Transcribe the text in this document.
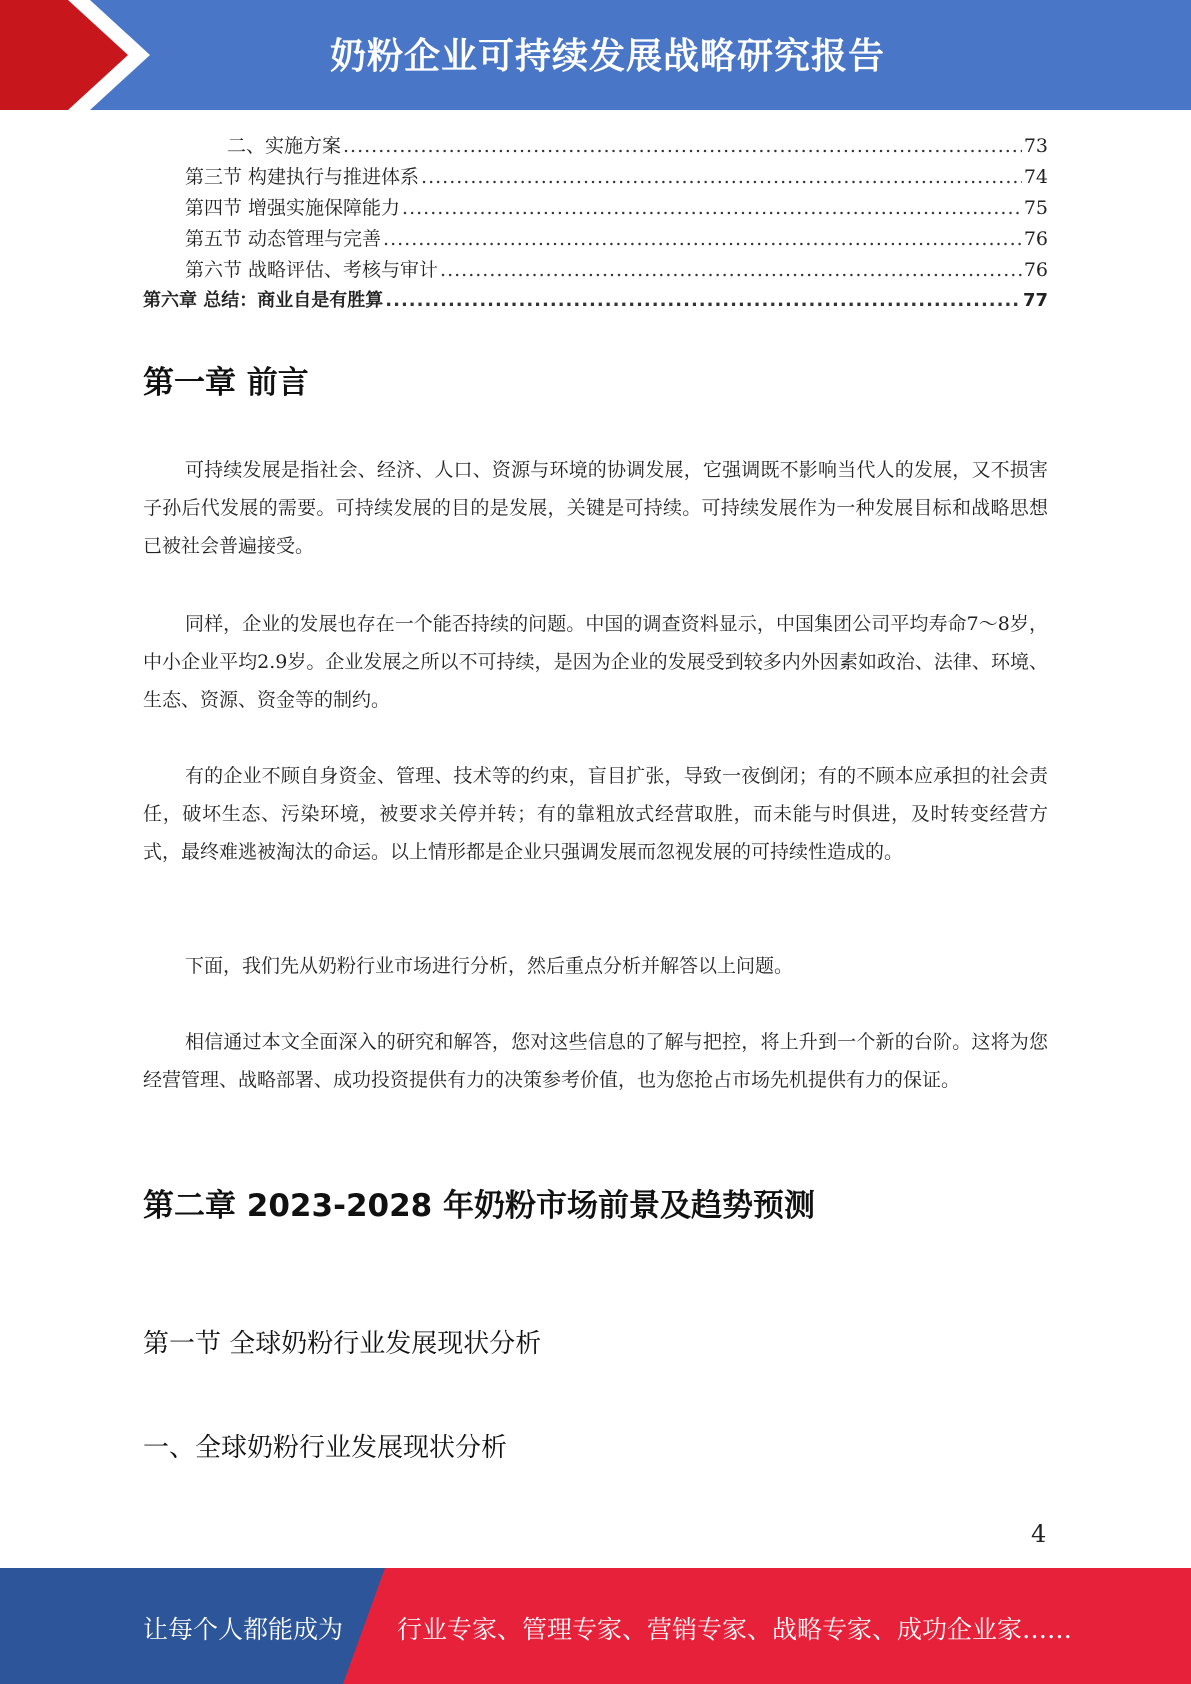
奶粉企业可持续发展战略研究报告
二、实施方案 .....	73
第三节 构建执行与推进体系 .....	74
第四节 增强实施保障能力 .....	75
第五节 动态管理与完善 .....	76
第六节 战略评估、考核与审计 .....	76
第六章 总结：商业自是有胜算 .....	77
第一章 前言

可持续发展是指社会、经济、人口、资源与环境的协调发展，它强调既不影响当代人的发展，又不损害子孙后代发展的需要。可持续发展的目的是发展，关键是可持续。可持续发展作为一种发展目标和战略思想已被社会普遍接受。

同样，企业的发展也存在一个能否持续的问题。中国的调查资料显示，中国集团公司平均寿命7～8岁，中小企业平均2.9岁。企业发展之所以不可持续，是因为企业的发展受到较多内外因素如政治、法律、环境、生态、资源、资金等的制约。

有的企业不顾自身资金、管理、技术等的约束，盲目扩张，导致一夜倒闭；有的不顾本应承担的社会责任，破坏生态、污染环境，被要求关停并转；有的靠粗放式经营取胜，而未能与时俱进，及时转变经营方式，最终难逃被淘汰的命运。以上情形都是企业只强调发展而忽视发展的可持续性造成的。

下面，我们先从奶粉行业市场进行分析，然后重点分析并解答以上问题。

相信通过本文全面深入的研究和解答，您对这些信息的了解与把控，将上升到一个新的台阶。这将为您经营管理、战略部署、成功投资提供有力的决策参考价值，也为您抢占市场先机提供有力的保证。

第二章 2023-2028 年奶粉市场前景及趋势预测
第一节 全球奶粉行业发展现状分析
一、全球奶粉行业发展现状分析
4
让每个人都能成为 行业专家、管理专家、营销专家、战略专家、成功企业家……
